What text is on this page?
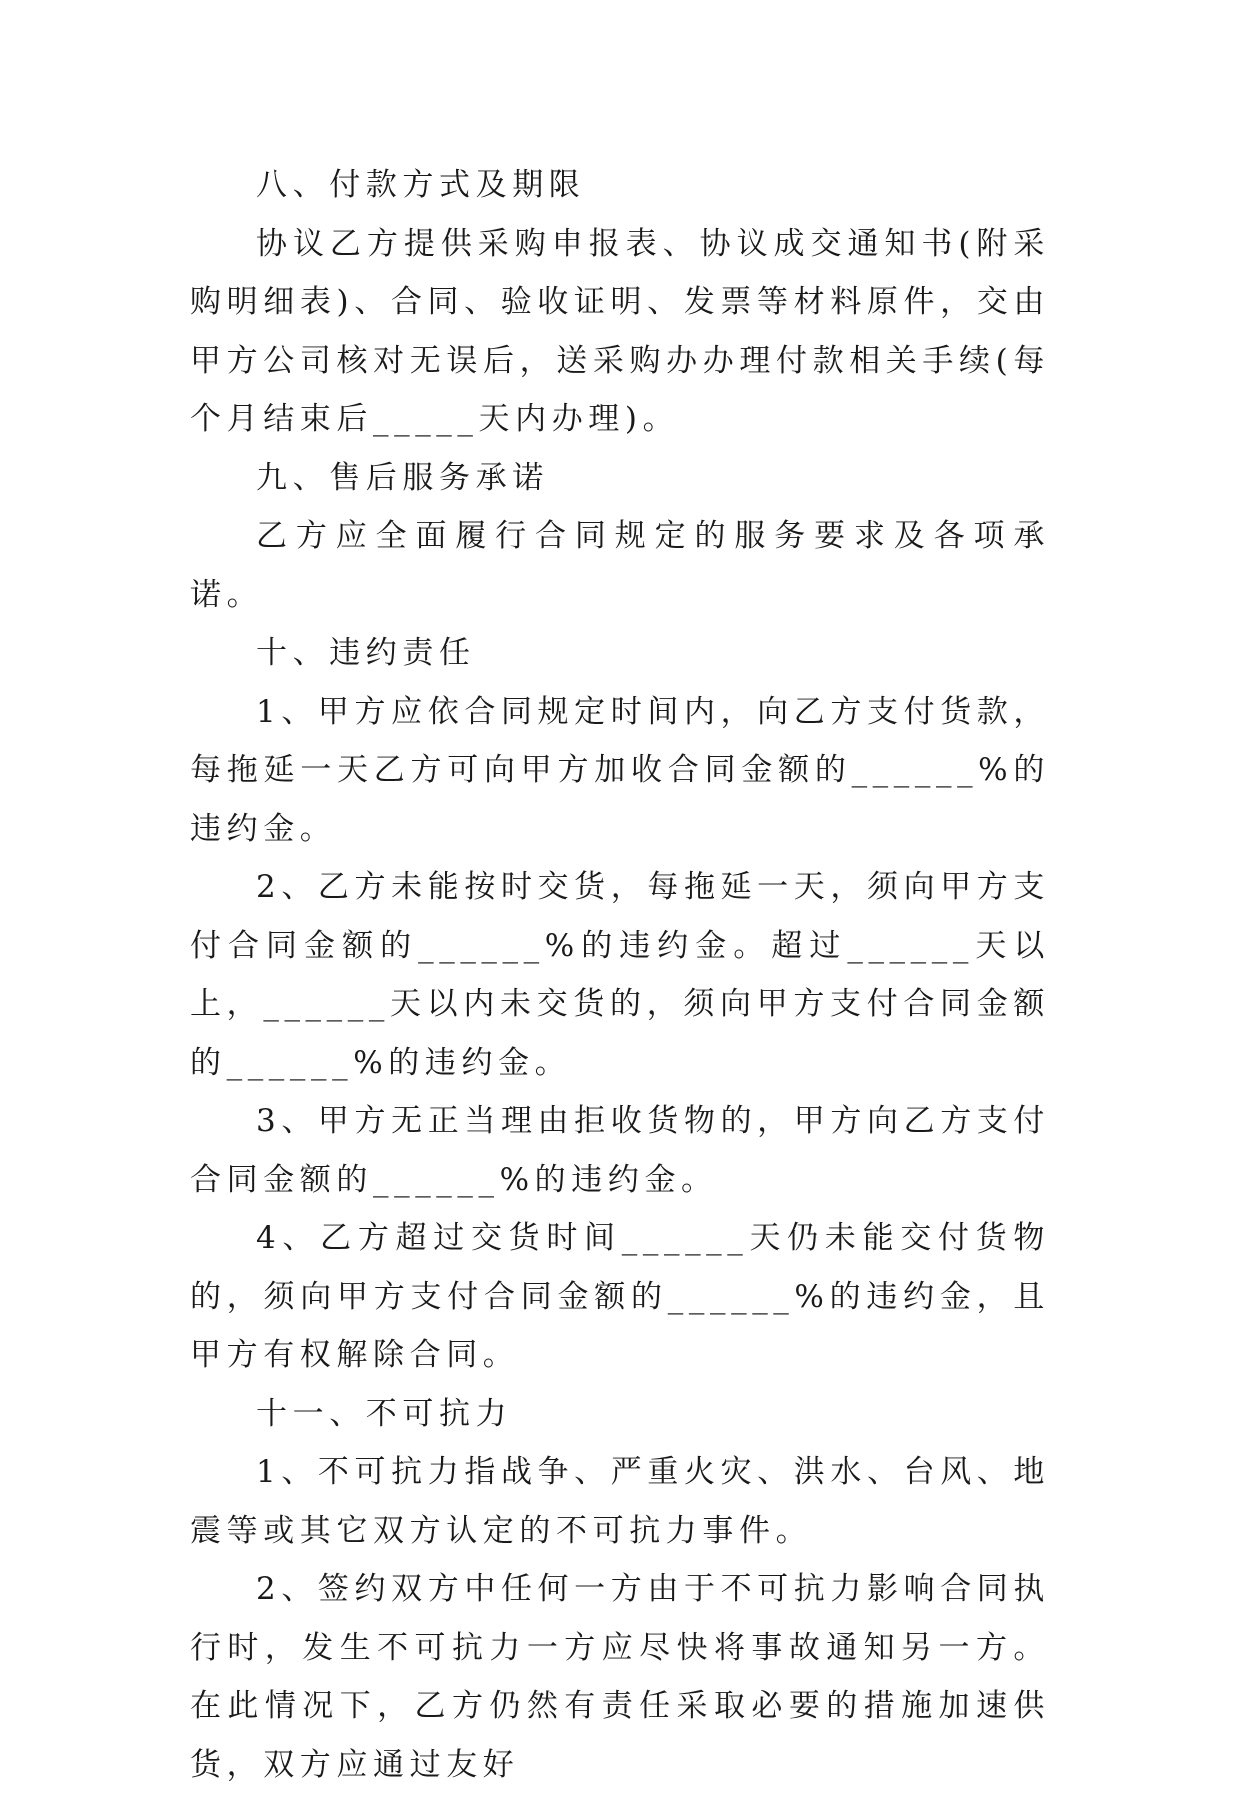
八、付款方式及期限

协议乙方提供采购申报表、协议成交通知书(附采购明细表)、合同、验收证明、发票等材料原件，交由甲方公司核对无误后，送采购办办理付款相关手续(每个月结束后_____天内办理)。

九、售后服务承诺

乙方应全面履行合同规定的服务要求及各项承诺。

十、违约责任

1、甲方应依合同规定时间内，向乙方支付货款，每拖延一天乙方可向甲方加收合同金额的______%的违约金。

2、乙方未能按时交货，每拖延一天，须向甲方支付合同金额的______%的违约金。超过______天以上，______天以内未交货的，须向甲方支付合同金额的______%的违约金。

3、甲方无正当理由拒收货物的，甲方向乙方支付合同金额的______%的违约金。

4、乙方超过交货时间______天仍未能交付货物的，须向甲方支付合同金额的______%的违约金，且甲方有权解除合同。

十一、不可抗力

1、不可抗力指战争、严重火灾、洪水、台风、地震等或其它双方认定的不可抗力事件。

2、签约双方中任何一方由于不可抗力影响合同执行时，发生不可抗力一方应尽快将事故通知另一方。在此情况下，乙方仍然有责任采取必要的措施加速供货，双方应通过友好
